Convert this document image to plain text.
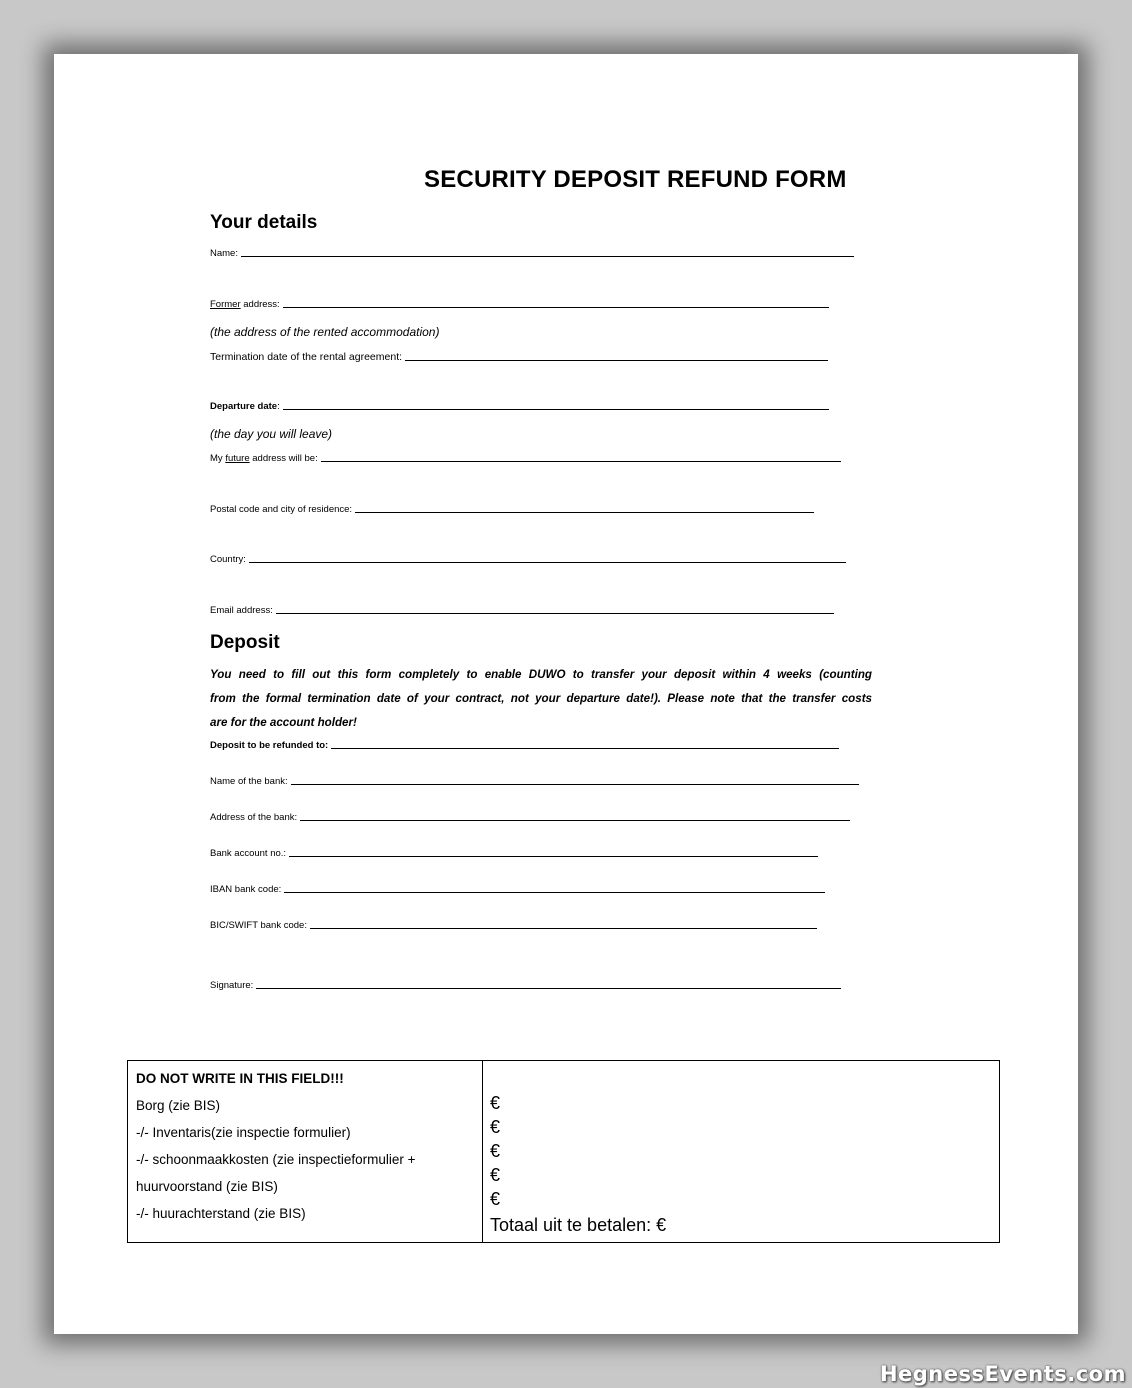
SECURITY DEPOSIT REFUND FORM
Your details
Name:
Former address:
(the address of the rented accommodation)
Termination date of the rental agreement:
Departure date:
(the day you will leave)
My future address will be:
Postal code and city of residence:
Country:
Email address:
Deposit
You need to fill out this form completely to enable DUWO to transfer your deposit within 4 weeks (counting
from the formal termination date of your contract, not your departure date!). Please note that the transfer costs
are for the account holder!
Deposit to be refunded to:
Name of the bank:
Address of the bank:
Bank account no.:
IBAN bank code:
BIC/SWIFT bank code:
Signature:
DO NOT WRITE IN THIS FIELD!!!
Borg (zie BIS)
-/- Inventaris(zie inspectie formulier)
-/- schoonmaakkosten (zie inspectieformulier +
huurvoorstand (zie BIS)
-/- huurachterstand (zie BIS)
€
€
€
€
€
Totaal uit te betalen: €
HegnessEvents.com
